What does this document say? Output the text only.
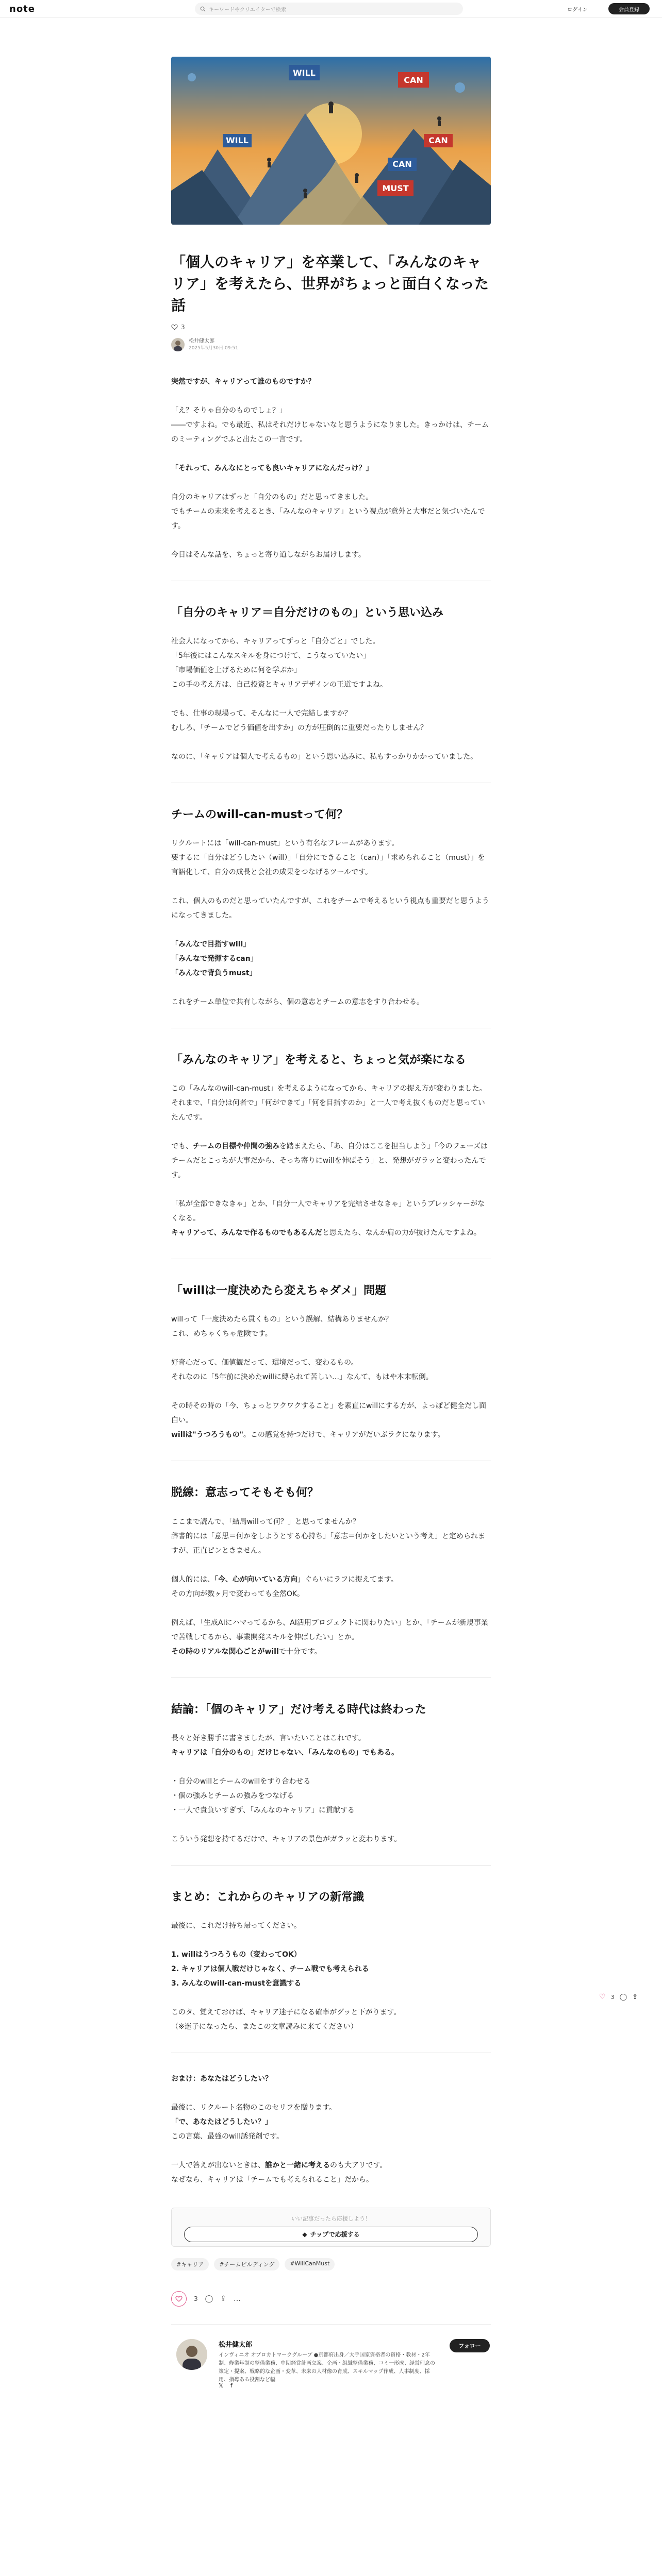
note	キーワードやクリエイターで検索	ログイン	会員登録
♡ 3 ◯ ⇪
WILL
CAN
WILL	CAN
CAN
MUST
「個人のキャリア」を卒業して、「みんなのキャリア」を考えたら、世界がちょっと面白くなった話
3
松井健太郎
2025年5月30日 09:51

突然ですが、キャリアって誰のものですか？

「え？そりゃ自分のものでしょ？」
――ですよね。でも最近、私はそれだけじゃないなと思うようになりました。きっかけは、チームのミーティングでふと出たこの一言です。

「それって、みんなにとっても良いキャリアになんだっけ？」

自分のキャリアはずっと「自分のもの」だと思ってきました。
でもチームの未来を考えるとき、「みんなのキャリア」という視点が意外と大事だと気づいたんです。

今日はそんな話を、ちょっと寄り道しながらお届けします。

「自分のキャリア＝自分だけのもの」という思い込み

社会人になってから、キャリアってずっと「自分ごと」でした。
「5年後にはこんなスキルを身につけて、こうなっていたい」
「市場価値を上げるために何を学ぶか」
この手の考え方は、自己投資とキャリアデザインの王道ですよね。

でも、仕事の現場って、そんなに一人で完結しますか？
むしろ、「チームでどう価値を出すか」の方が圧倒的に重要だったりしません？

なのに、「キャリアは個人で考えるもの」という思い込みに、私もすっかりかかっていました。

チームのwill-can-mustって何？

リクルートには「will-can-must」という有名なフレームがあります。
要するに「自分はどうしたい（will）」「自分にできること（can）」「求められること（must）」を言語化して、自分の成長と会社の成果をつなげるツールです。

これ、個人のものだと思っていたんですが、これをチームで考えるという視点も重要だと思うようになってきました。

「みんなで目指すwill」
「みんなで発揮するcan」
「みんなで背負うmust」

これをチーム単位で共有しながら、個の意志とチームの意志をすり合わせる。

「みんなのキャリア」を考えると、ちょっと気が楽になる

この「みんなのwill-can-must」を考えるようになってから、キャリアの捉え方が変わりました。
それまで、「自分は何者で」「何ができて」「何を目指すのか」と一人で考え抜くものだと思っていたんです。

でも、チームの目標や仲間の強みを踏まえたら、「あ、自分はここを担当しよう」「今のフェーズはチームだとこっちが大事だから、そっち寄りにwillを伸ばそう」と、発想がガラッと変わったんです。

「私が全部できなきゃ」とか、「自分一人でキャリアを完結させなきゃ」というプレッシャーがなくなる。
キャリアって、みんなで作るものでもあるんだと思えたら、なんか肩の力が抜けたんですよね。

「willは一度決めたら変えちゃダメ」問題

willって「一度決めたら貫くもの」という誤解、結構ありませんか？
これ、めちゃくちゃ危険です。

好奇心だって、価値観だって、環境だって、変わるもの。
それなのに「5年前に決めたwillに縛られて苦しい…」なんて、もはや本末転倒。

その時その時の「今、ちょっとワクワクすること」を素直にwillにする方が、よっぽど健全だし面白い。
willは"うつろうもの"。この感覚を持つだけで、キャリアがだいぶラクになります。

脱線：意志ってそもそも何？

ここまで読んで、「結局willって何？」と思ってませんか？
辞書的には「意思＝何かをしようとする心持ち」「意志＝何かをしたいという考え」と定められますが、正直ピンときません。

個人的には、「今、心が向いている方向」ぐらいにラフに捉えてます。
その方向が数ヶ月で変わっても全然OK。

例えば、「生成AIにハマってるから、AI活用プロジェクトに関わりたい」とか、「チームが新規事業で苦戦してるから、事業開発スキルを伸ばしたい」とか。
その時のリアルな関心ごとがwillで十分です。

結論：「個のキャリア」だけ考える時代は終わった

長々と好き勝手に書きましたが、言いたいことはこれです。
キャリアは「自分のもの」だけじゃない、「みんなのもの」でもある。

・自分のwillとチームのwillをすり合わせる
・個の強みとチームの強みをつなげる
・一人で責負いすぎず、「みんなのキャリア」に貢献する

こういう発想を持てるだけで、キャリアの景色がガラッと変わります。

まとめ：これからのキャリアの新常識

最後に、これだけ持ち帰ってください。

1. willはうつろうもの（変わってOK）
2. キャリアは個人戦だけじゃなく、チーム戦でも考えられる
3. みんなのwill-can-mustを意識する

このタ、覚えておけば、キャリア迷子になる確率がグッと下がります。
（※迷子になったら、またこの文章読みに来てください）

おまけ：あなたはどうしたい？

最後に、リクルート名物のこのセリフを贈ります。
「で、あなたはどうしたい？」
この言葉、最強のwill誘発剤です。

一人で答えが出ないときは、誰かと一緒に考えるのも大アリです。
なぜなら、キャリアは「チームでも考えられること」だから。

いい記事だったら応援しよう！
◆ チップで応援する
#キャリア	#チームビルディング	#WillCanMust
3 ◯ ⇪ …
松井健太郎
インヴィニオ オプロカトマークグループ ●京都府出身／大手国家資格者の資格・教材・2年制、修業年制の整備業務、中期経営計画立案、企画・組織整備業務、コミ一形成、経営理念の策定・提案、戦略的な企画・変革、未来の人材像の育成、スキルマップ作成、人事制度、採用、指導ある役割など幅
フォロー
𝕏 f
